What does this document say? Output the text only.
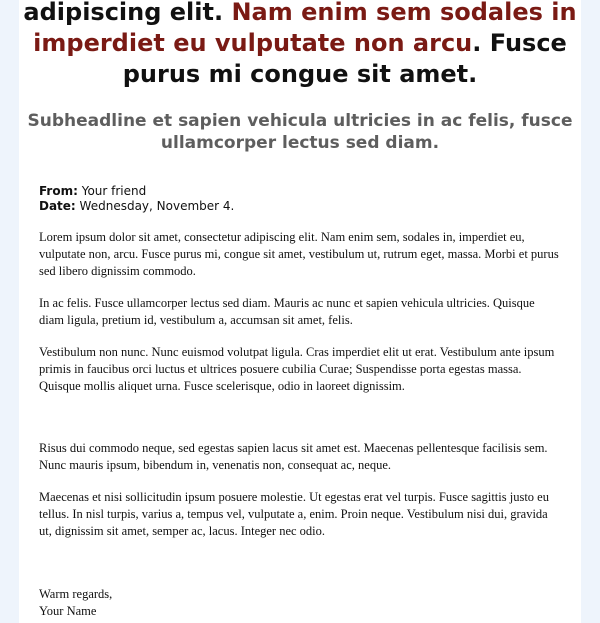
adipiscing elit. Nam enim sem sodales in imperdiet eu vulputate non arcu. Fusce purus mi congue sit amet.
Subheadline et sapien vehicula ultricies in ac felis, fusce ullamcorper lectus sed diam.
From: Your friend
Date: Wednesday, November 4.

Lorem ipsum dolor sit amet, consectetur adipiscing elit. Nam enim sem, sodales in, imperdiet eu, vulputate non, arcu. Fusce purus mi, congue sit amet, vestibulum ut, rutrum eget, massa. Morbi et purus sed libero dignissim commodo.

In ac felis. Fusce ullamcorper lectus sed diam. Mauris ac nunc et sapien vehicula ultricies. Quisque diam ligula, pretium id, vestibulum a, accumsan sit amet, felis.

Vestibulum non nunc. Nunc euismod volutpat ligula. Cras imperdiet elit ut erat. Vestibulum ante ipsum primis in faucibus orci luctus et ultrices posuere cubilia Curae; Suspendisse porta egestas massa. Quisque mollis aliquet urna. Fusce scelerisque, odio in laoreet dignissim.

Risus dui commodo neque, sed egestas sapien lacus sit amet est. Maecenas pellentesque facilisis sem. Nunc mauris ipsum, bibendum in, venenatis non, consequat ac, neque.

Maecenas et nisi sollicitudin ipsum posuere molestie. Ut egestas erat vel turpis. Fusce sagittis justo eu tellus. In nisl turpis, varius a, tempus vel, vulputate a, enim. Proin neque. Vestibulum nisi dui, gravida ut, dignissim sit amet, semper ac, lacus. Integer nec odio.

Warm regards,
Your Name
